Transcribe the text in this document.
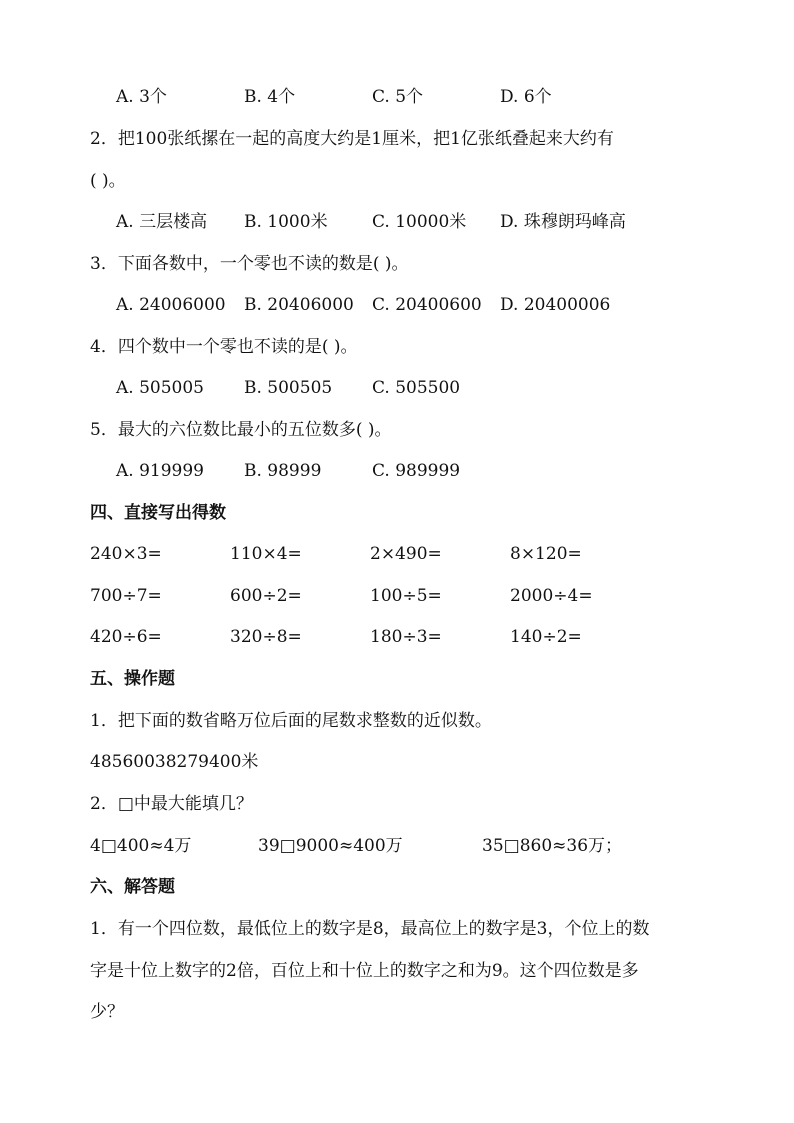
A. 3个	B. 4个	C. 5个	D. 6个
2．把100张纸摞在一起的高度大约是1厘米，把1亿张纸叠起来大约有
( )。
A. 三层楼高 B. 1000米	C. 10000米 D. 珠穆朗玛峰高
3．下面各数中，一个零也不读的数是( )。
A. 24006000 B. 20406000 C. 20400600 D. 20400006
4．四个数中一个零也不读的是( )。
A. 505005 B. 500505 C. 505500
5．最大的六位数比最小的五位数多( )。
A. 919999 B. 98999	C. 989999
四、直接写出得数
240×3=	110×4=	2×490=	8×120=
700÷7=	600÷2=	100÷5=	2000÷4=
420÷6=	320÷8=	180÷3=	140÷2=
五、操作题
1．把下面的数省略万位后面的尾数求整数的近似数。
48560038279400米
2．□中最大能填几？
4□400≈4万	39□9000≈400万	35□860≈36万；
六、解答题
1．有一个四位数，最低位上的数字是8，最高位上的数字是3，个位上的数
字是十位上数字的2倍，百位上和十位上的数字之和为9。这个四位数是多
少？
